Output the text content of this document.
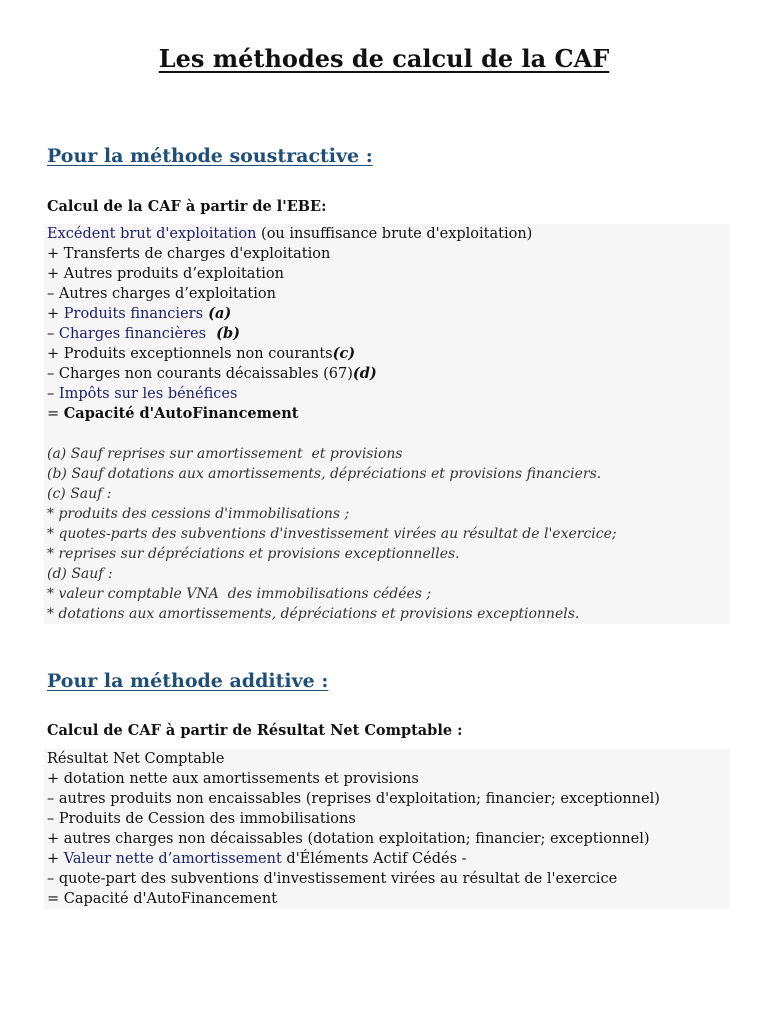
Les méthodes de calcul de la CAF
Pour la méthode soustractive :
Calcul de la CAF à partir de l'EBE:
Excédent brut d'exploitation (ou insuffisance brute d'exploitation)
+ Transferts de charges d'exploitation
+ Autres produits d’exploitation
– Autres charges d’exploitation
+ Produits financiers (a)
– Charges financières  (b)
+ Produits exceptionnels non courants(c)
– Charges non courants décaissables (67)(d)
– Impôts sur les bénéfices
= Capacité d'AutoFinancement
(a) Sauf reprises sur amortissement  et provisions
(b) Sauf dotations aux amortissements, dépréciations et provisions financiers.
(c) Sauf :
* produits des cessions d'immobilisations ;
* quotes-parts des subventions d'investissement virées au résultat de l'exercice;
* reprises sur dépréciations et provisions exceptionnelles.
(d) Sauf :
* valeur comptable VNA  des immobilisations cédées ;
* dotations aux amortissements, dépréciations et provisions exceptionnels.
Pour la méthode additive :
Calcul de CAF à partir de Résultat Net Comptable :
Résultat Net Comptable
+ dotation nette aux amortissements et provisions
– autres produits non encaissables (reprises d'exploitation; financier; exceptionnel)
– Produits de Cession des immobilisations
+ autres charges non décaissables (dotation exploitation; financier; exceptionnel)
+ Valeur nette d’amortissement d'Éléments Actif Cédés -
– quote-part des subventions d'investissement virées au résultat de l'exercice
= Capacité d'AutoFinancement
